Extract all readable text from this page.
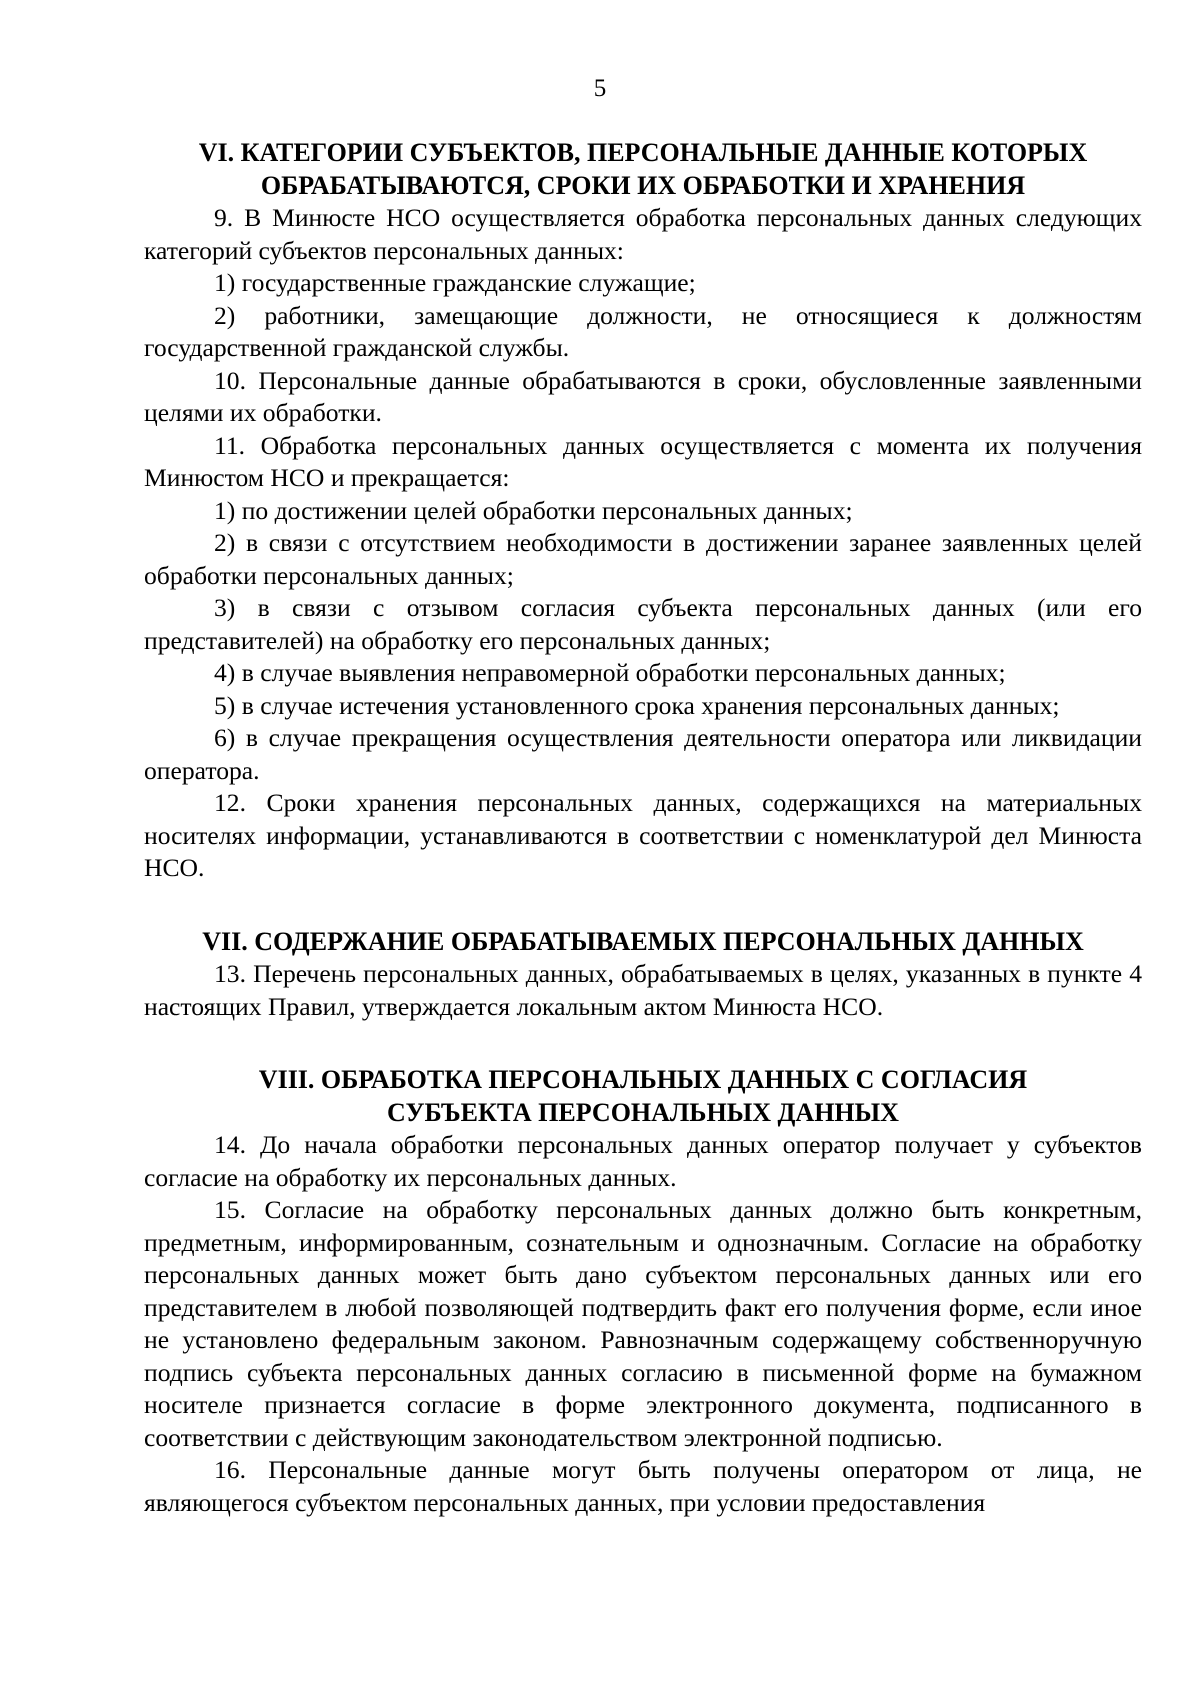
5
VI. КАТЕГОРИИ СУБЪЕКТОВ, ПЕРСОНАЛЬНЫЕ ДАННЫЕ КОТОРЫХ
ОБРАБАТЫВАЮТСЯ, СРОКИ ИХ ОБРАБОТКИ И ХРАНЕНИЯ

9. В Минюсте НСО осуществляется обработка персональных данных следующих категорий субъектов персональных данных:

1) государственные гражданские служащие;

2) работники, замещающие должности, не относящиеся к должностям государственной гражданской службы.

10. Персональные данные обрабатываются в сроки, обусловленные заявленными целями их обработки.

11. Обработка персональных данных осуществляется с момента их получения Минюстом НСО и прекращается:

1) по достижении целей обработки персональных данных;

2) в связи с отсутствием необходимости в достижении заранее заявленных целей обработки персональных данных;

3) в связи с отзывом согласия субъекта персональных данных (или его представителей) на обработку его персональных данных;

4) в случае выявления неправомерной обработки персональных данных;

5) в случае истечения установленного срока хранения персональных данных;

6) в случае прекращения осуществления деятельности оператора или ликвидации оператора.

12. Сроки хранения персональных данных, содержащихся на материальных носителях информации, устанавливаются в соответствии с номенклатурой дел Минюста НСО.

VII. СОДЕРЖАНИЕ ОБРАБАТЫВАЕМЫХ ПЕРСОНАЛЬНЫХ ДАННЫХ

13. Перечень персональных данных, обрабатываемых в целях, указанных в пункте 4 настоящих Правил, утверждается локальным актом Минюста НСО.

VIII. ОБРАБОТКА ПЕРСОНАЛЬНЫХ ДАННЫХ С СОГЛАСИЯ
СУБЪЕКТА ПЕРСОНАЛЬНЫХ ДАННЫХ

14. До начала обработки персональных данных оператор получает у субъектов согласие на обработку их персональных данных.

15. Согласие на обработку персональных данных должно быть конкретным, предметным, информированным, сознательным и однозначным. Согласие на обработку персональных данных может быть дано субъектом персональных данных или его представителем в любой позволяющей подтвердить факт его получения форме, если иное не установлено федеральным законом. Равнозначным содержащему собственноручную подпись субъекта персональных данных согласию в письменной форме на бумажном носителе признается согласие в форме электронного документа, подписанного в соответствии с действующим законодательством электронной подписью.

16. Персональные данные могут быть получены оператором от лица, не являющегося субъектом персональных данных, при условии предоставления
